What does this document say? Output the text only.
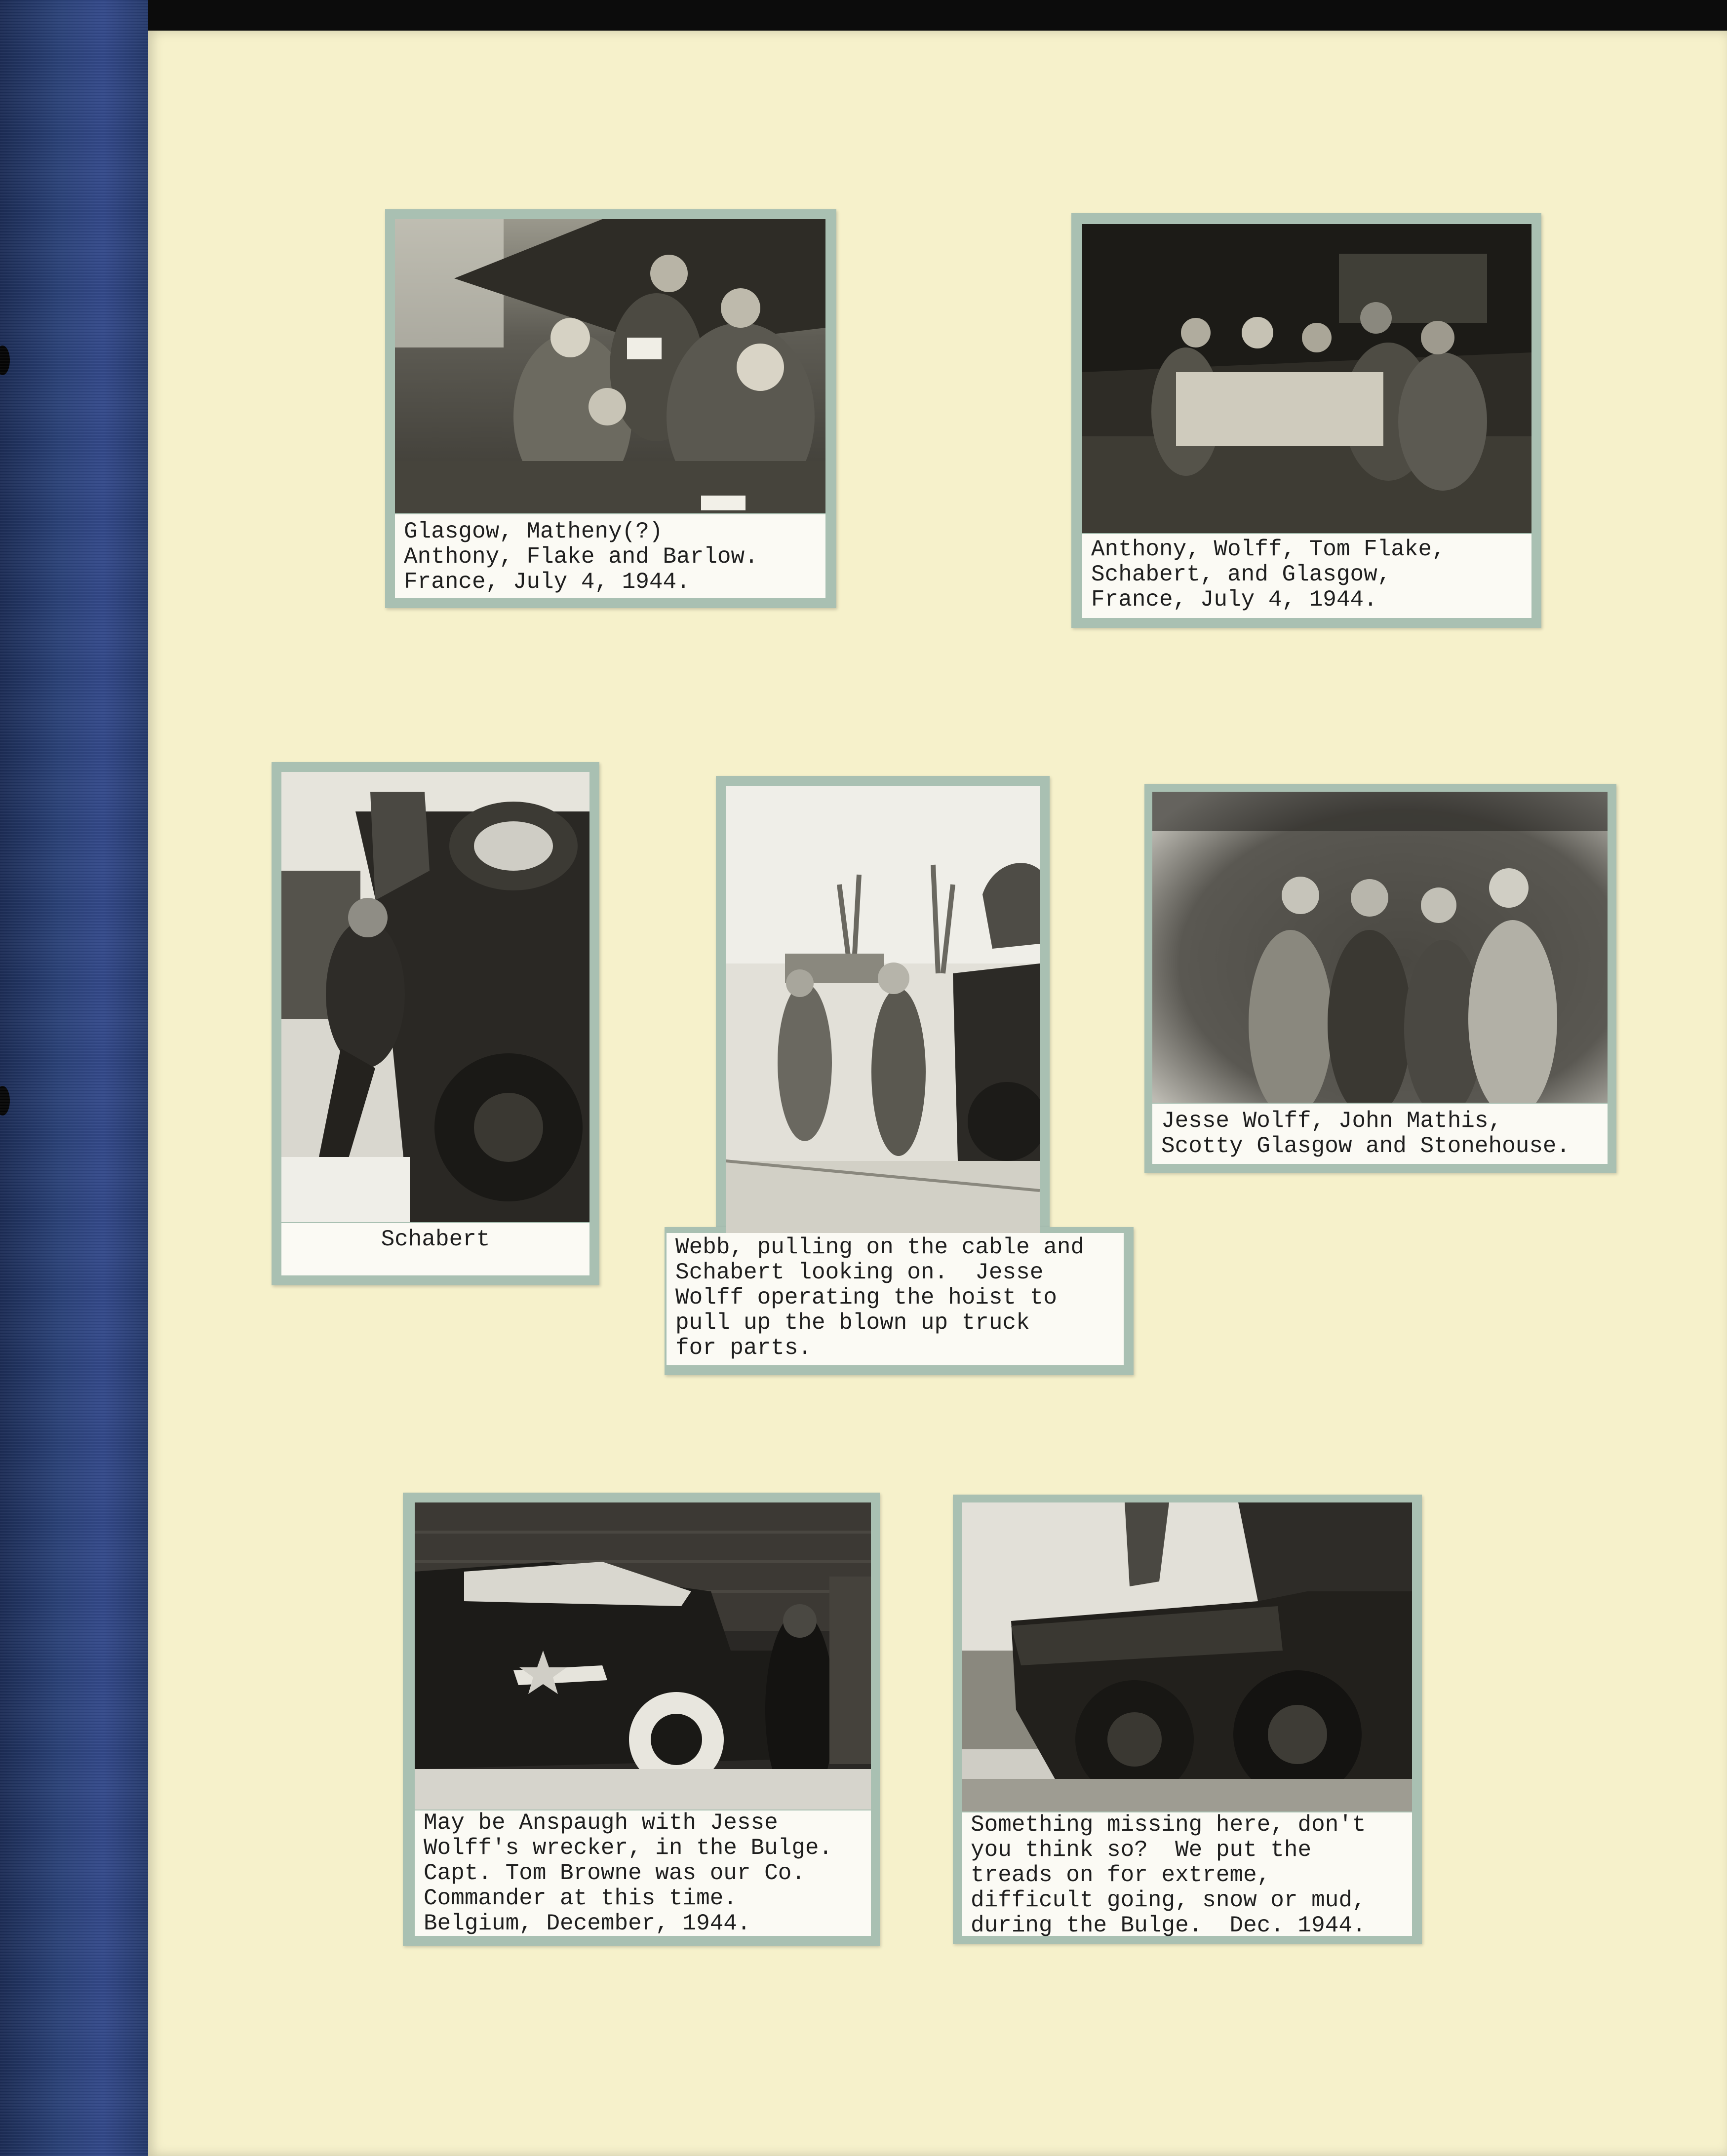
Glasgow, Matheny(?)
Anthony, Flake and Barlow.
France, July 4, 1944.
Anthony, Wolff, Tom Flake,
Schabert, and Glasgow,
France, July 4, 1944.
Schabert	Webb, pulling on the cable and
Schabert looking on.  Jesse
Wolff operating the hoist to
pull up the blown up truck
for parts.
Jesse Wolff, John Mathis,
Scotty Glasgow and Stonehouse.
May be Anspaugh with Jesse
Wolff's wrecker, in the Bulge.
Capt. Tom Browne was our Co.
Commander at this time.
Belgium, December, 1944.
Something missing here, don't
you think so?  We put the
treads on for extreme,
difficult going, snow or mud,
during the Bulge.  Dec. 1944.
